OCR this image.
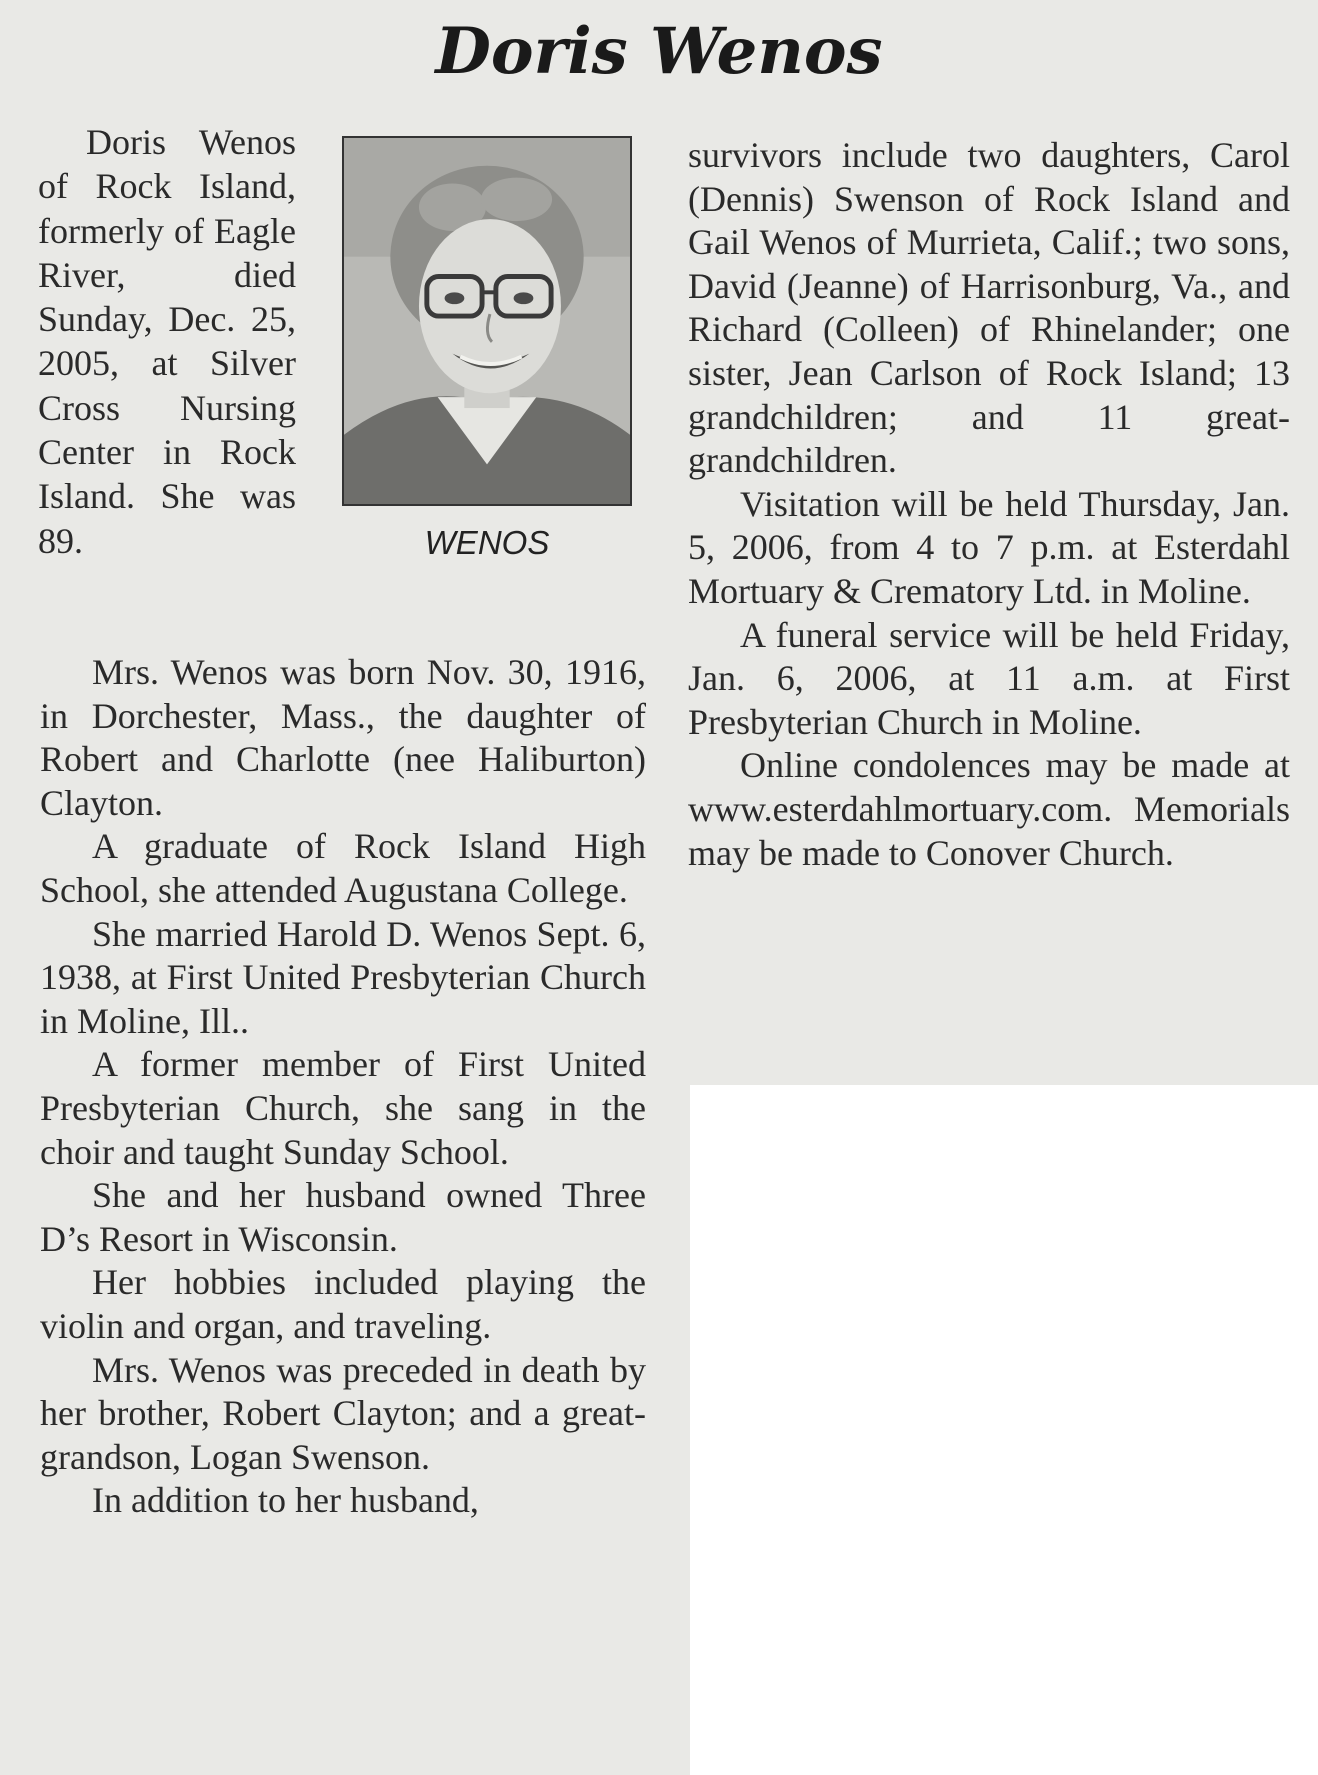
Doris Wenos

Doris Wenos of Rock Island, formerly of Eagle River, died Sunday, Dec. 25, 2005, at Silver Cross Nursing Center in Rock Island. She was 89.	WENOS

Mrs. Wenos was born Nov. 30, 1916, in Dorchester, Mass., the daughter of Robert and Charlotte (nee Haliburton) Clayton.

A graduate of Rock Island High School, she attended Augustana College.

She married Harold D. Wenos Sept. 6, 1938, at First United Presbyterian Church in Moline, Ill..

A former member of First United Presbyterian Church, she sang in the choir and taught Sunday School.

She and her husband owned Three D’s Resort in Wisconsin.

Her hobbies included playing the violin and organ, and traveling.

Mrs. Wenos was preceded in death by her brother, Robert Clayton; and a great-grandson, Logan Swenson.

In addition to her husband,

survivors include two daughters, Carol (Dennis) Swenson of Rock Island and Gail Wenos of Murrieta, Calif.; two sons, David (Jeanne) of Harrisonburg, Va., and Richard (Colleen) of Rhinelander; one sister, Jean Carlson of Rock Island; 13 grandchildren; and 11 great-grandchildren.

Visitation will be held Thursday, Jan. 5, 2006, from 4 to 7 p.m. at Esterdahl Mortuary & Crematory Ltd. in Moline.

A funeral service will be held Friday, Jan. 6, 2006, at 11 a.m. at First Presbyterian Church in Moline.

Online condolences may be made at www.esterdahlmortuary.com. Memorials may be made to Conover Church.
